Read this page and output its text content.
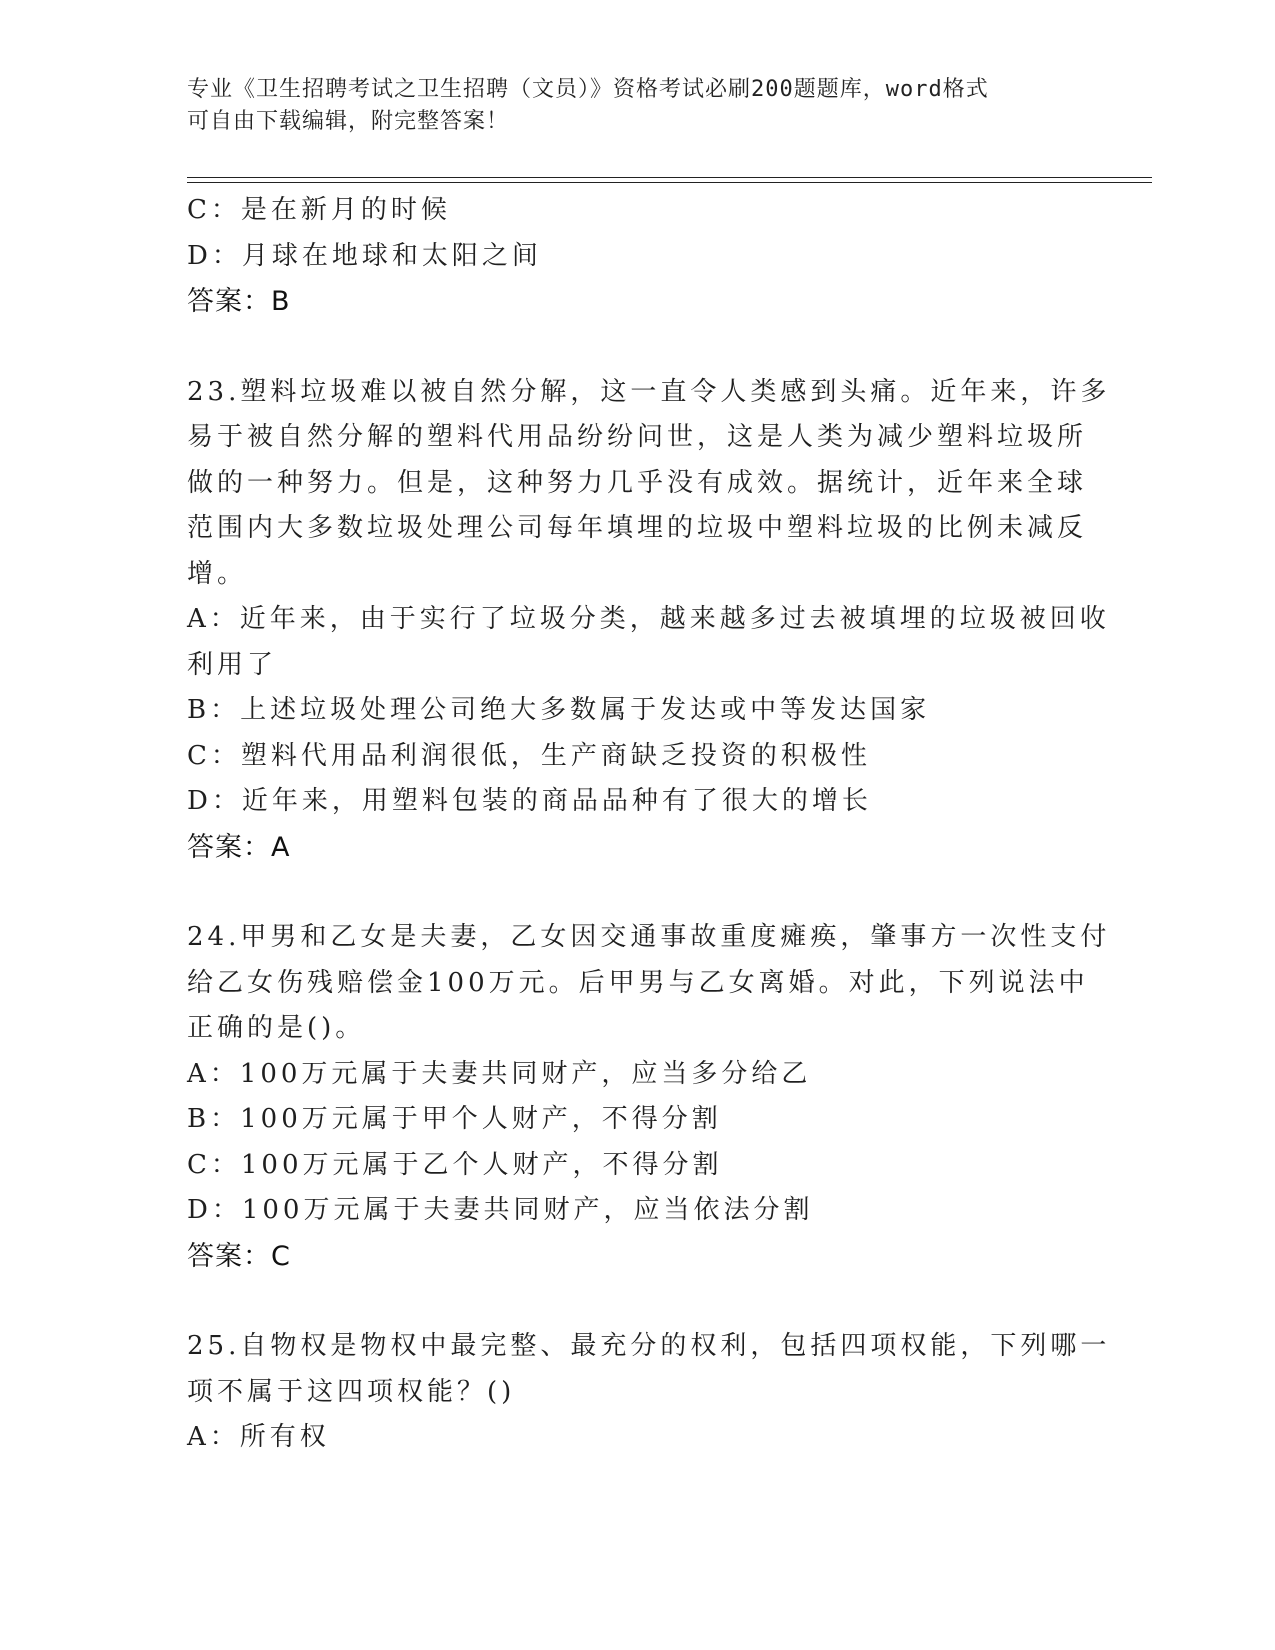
专业《卫生招聘考试之卫生招聘（文员）》资格考试必刷200题题库，word格式
可自由下载编辑，附完整答案！
C：是在新月的时候
D：月球在地球和太阳之间
答案：B
23.塑料垃圾难以被自然分解，这一直令人类感到头痛。近年来，许多
易于被自然分解的塑料代用品纷纷问世，这是人类为减少塑料垃圾所
做的一种努力。但是，这种努力几乎没有成效。据统计，近年来全球
范围内大多数垃圾处理公司每年填埋的垃圾中塑料垃圾的比例未减反
增。
A：近年来，由于实行了垃圾分类，越来越多过去被填埋的垃圾被回收
利用了
B：上述垃圾处理公司绝大多数属于发达或中等发达国家
C：塑料代用品利润很低，生产商缺乏投资的积极性
D：近年来，用塑料包装的商品品种有了很大的增长
答案：A
24.甲男和乙女是夫妻，乙女因交通事故重度瘫痪，肇事方一次性支付
给乙女伤残赔偿金100万元。后甲男与乙女离婚。对此，下列说法中
正确的是()。
A：100万元属于夫妻共同财产，应当多分给乙
B：100万元属于甲个人财产，不得分割
C：100万元属于乙个人财产，不得分割
D：100万元属于夫妻共同财产，应当依法分割
答案：C
25.自物权是物权中最完整、最充分的权利，包括四项权能，下列哪一
项不属于这四项权能？()
A：所有权
